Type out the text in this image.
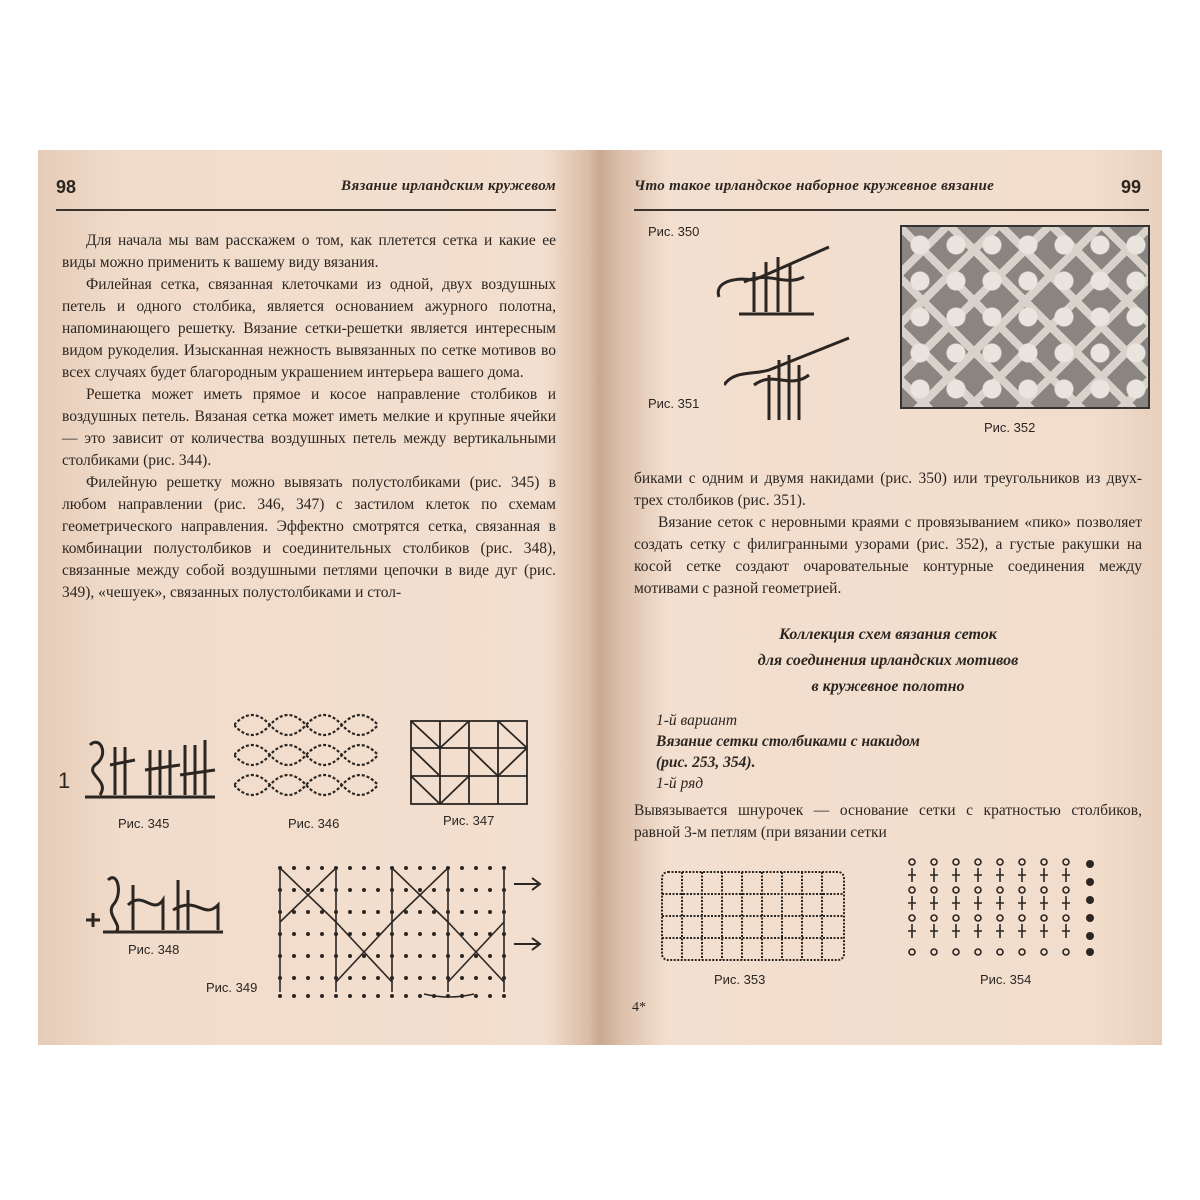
98	Вязание ирландским кружевом

Для начала мы вам расскажем о том, как плетется сетка и какие ее виды можно применить к вашему виду вязания.

Филейная сетка, связанная клеточками из одной, двух воздушных петель и одного столбика, является основанием ажурного полотна, напоминающего решетку. Вязание сетки-решетки является интересным видом рукоделия. Изысканная нежность вывязанных по сетке мотивов во всех случаях будет благородным украшением интерьера вашего дома.

Решетка может иметь прямое и косое направление столбиков и воздушных петель. Вязаная сетка может иметь мелкие и крупные ячейки — это зависит от количества воздушных петель между вертикальными столбиками (рис. 344).

Филейную решетку можно вывязать полустолбиками (рис. 345) в любом направлении (рис. 346, 347) с застилом клеток по схемам геометрического направления. Эффектно смотрятся сетка, связанная в комбинации полустолбиков и соединительных столбиков (рис. 348), связанные между собой воздушными петлями цепочки в виде дуг (рис. 349), «чешуек», связанных полустолбиками и стол-

1
Рис. 345	Рис. 346	Рис. 347
Рис. 348
Рис. 349
Что такое ирландское наборное кружевное вязание	99
Рис. 350
Рис. 351
Рис. 352

биками с одним и двумя накидами (рис. 350) или треугольников из двух-трех столбиков (рис. 351).

Вязание сеток с неровными краями с провязыванием «пико» позволяет создать сетку с филигранными узорами (рис. 352), а густые ракушки на косой сетке создают очаровательные контурные соединения между мотивами с разной геометрией.

Коллекция схем вязания сеток
для соединения ирландских мотивов
в кружевное полотно
1-й вариант
Вязание сетки столбиками с накидом
(рис. 253, 354).
1-й ряд

Вывязывается шнурочек — основание сетки с кратностью столбиков, равной 3-м петлям (при вязании сетки

Рис. 353	Рис. 354
4*
